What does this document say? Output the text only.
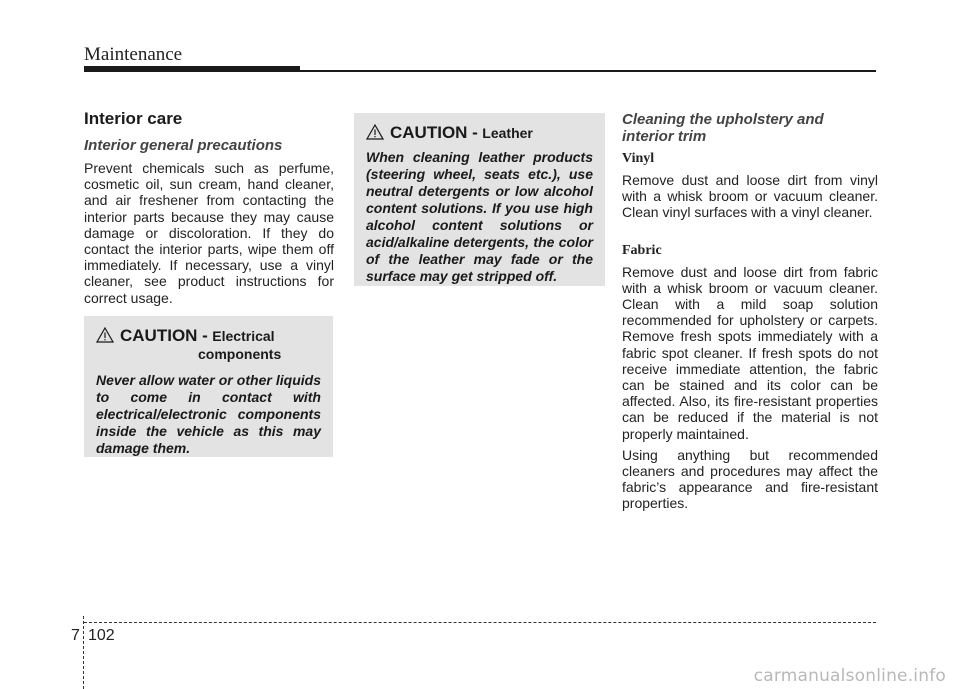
Maintenance
Interior care

Interior general precautions

Prevent chemicals such as perfume, cosmetic oil, sun cream, hand cleaner, and air freshener from contacting the interior parts because they may cause damage or discoloration. If they do contact the interior parts, wipe them off immediately. If necessary, use a vinyl cleaner, see product instructions for correct usage.

CAUTION - Electrical
components

Never allow water or other liquids to come in contact with electrical/electronic components inside the vehicle as this may damage them.

CAUTION - Leather

When cleaning leather products (steering wheel, seats etc.), use neutral detergents or low alcohol content solutions. If you use high alcohol content solutions or acid/alkaline detergents, the color of the leather may fade or the surface may get stripped off.

Cleaning the upholstery and interior trim

Vinyl

Remove dust and loose dirt from vinyl with a whisk broom or vacuum cleaner. Clean vinyl surfaces with a vinyl cleaner.

Fabric

Remove dust and loose dirt from fabric with a whisk broom or vacuum cleaner. Clean with a mild soap solution recommended for upholstery or carpets. Remove fresh spots immediately with a fabric spot cleaner. If fresh spots do not receive immediate attention, the fabric can be stained and its color can be affected. Also, its fire-resistant properties can be reduced if the material is not properly maintained.

Using anything but recommended cleaners and procedures may affect the fabric’s appearance and fire-resistant properties.

7 102
carmanualsonline.info
